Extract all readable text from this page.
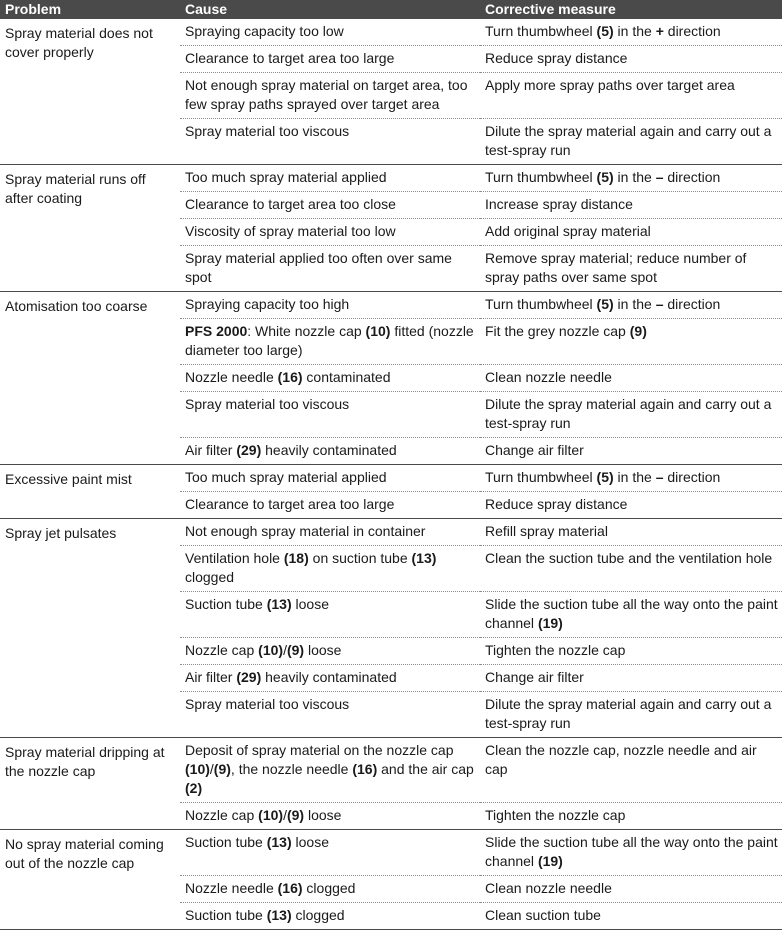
Problem	Cause	Corrective measure
Spray material does not cover properly	Spraying capacity too low	Turn thumbwheel (5) in the + direction
	Clearance to target area too large	Reduce spray distance
	Not enough spray material on target area, too few spray paths sprayed over target area	Apply more spray paths over target area
	Spray material too viscous	Dilute the spray material again and carry out a test-spray run
Spray material runs off after coating	Too much spray material applied	Turn thumbwheel (5) in the – direction
	Clearance to target area too close	Increase spray distance
	Viscosity of spray material too low	Add original spray material
	Spray material applied too often over same spot	Remove spray material; reduce number of spray paths over same spot
Atomisation too coarse	Spraying capacity too high	Turn thumbwheel (5) in the – direction
	PFS 2000: White nozzle cap (10) fitted (nozzle diameter too large)	Fit the grey nozzle cap (9)
	Nozzle needle (16) contaminated	Clean nozzle needle
	Spray material too viscous	Dilute the spray material again and carry out a test-spray run
	Air filter (29) heavily contaminated	Change air filter
Excessive paint mist	Too much spray material applied	Turn thumbwheel (5) in the – direction
	Clearance to target area too large	Reduce spray distance
Spray jet pulsates	Not enough spray material in container	Refill spray material
	Ventilation hole (18) on suction tube (13) clogged	Clean the suction tube and the ventilation hole
	Suction tube (13) loose	Slide the suction tube all the way onto the paint channel (19)
	Nozzle cap (10)/(9) loose	Tighten the nozzle cap
	Air filter (29) heavily contaminated	Change air filter
	Spray material too viscous	Dilute the spray material again and carry out a test-spray run
Spray material dripping at the nozzle cap	Deposit of spray material on the nozzle cap (10)/(9), the nozzle needle (16) and the air cap (2)	Clean the nozzle cap, nozzle needle and air cap
	Nozzle cap (10)/(9) loose	Tighten the nozzle cap
No spray material coming out of the nozzle cap	Suction tube (13) loose	Slide the suction tube all the way onto the paint channel (19)
	Nozzle needle (16) clogged	Clean nozzle needle
	Suction tube (13) clogged	Clean suction tube
